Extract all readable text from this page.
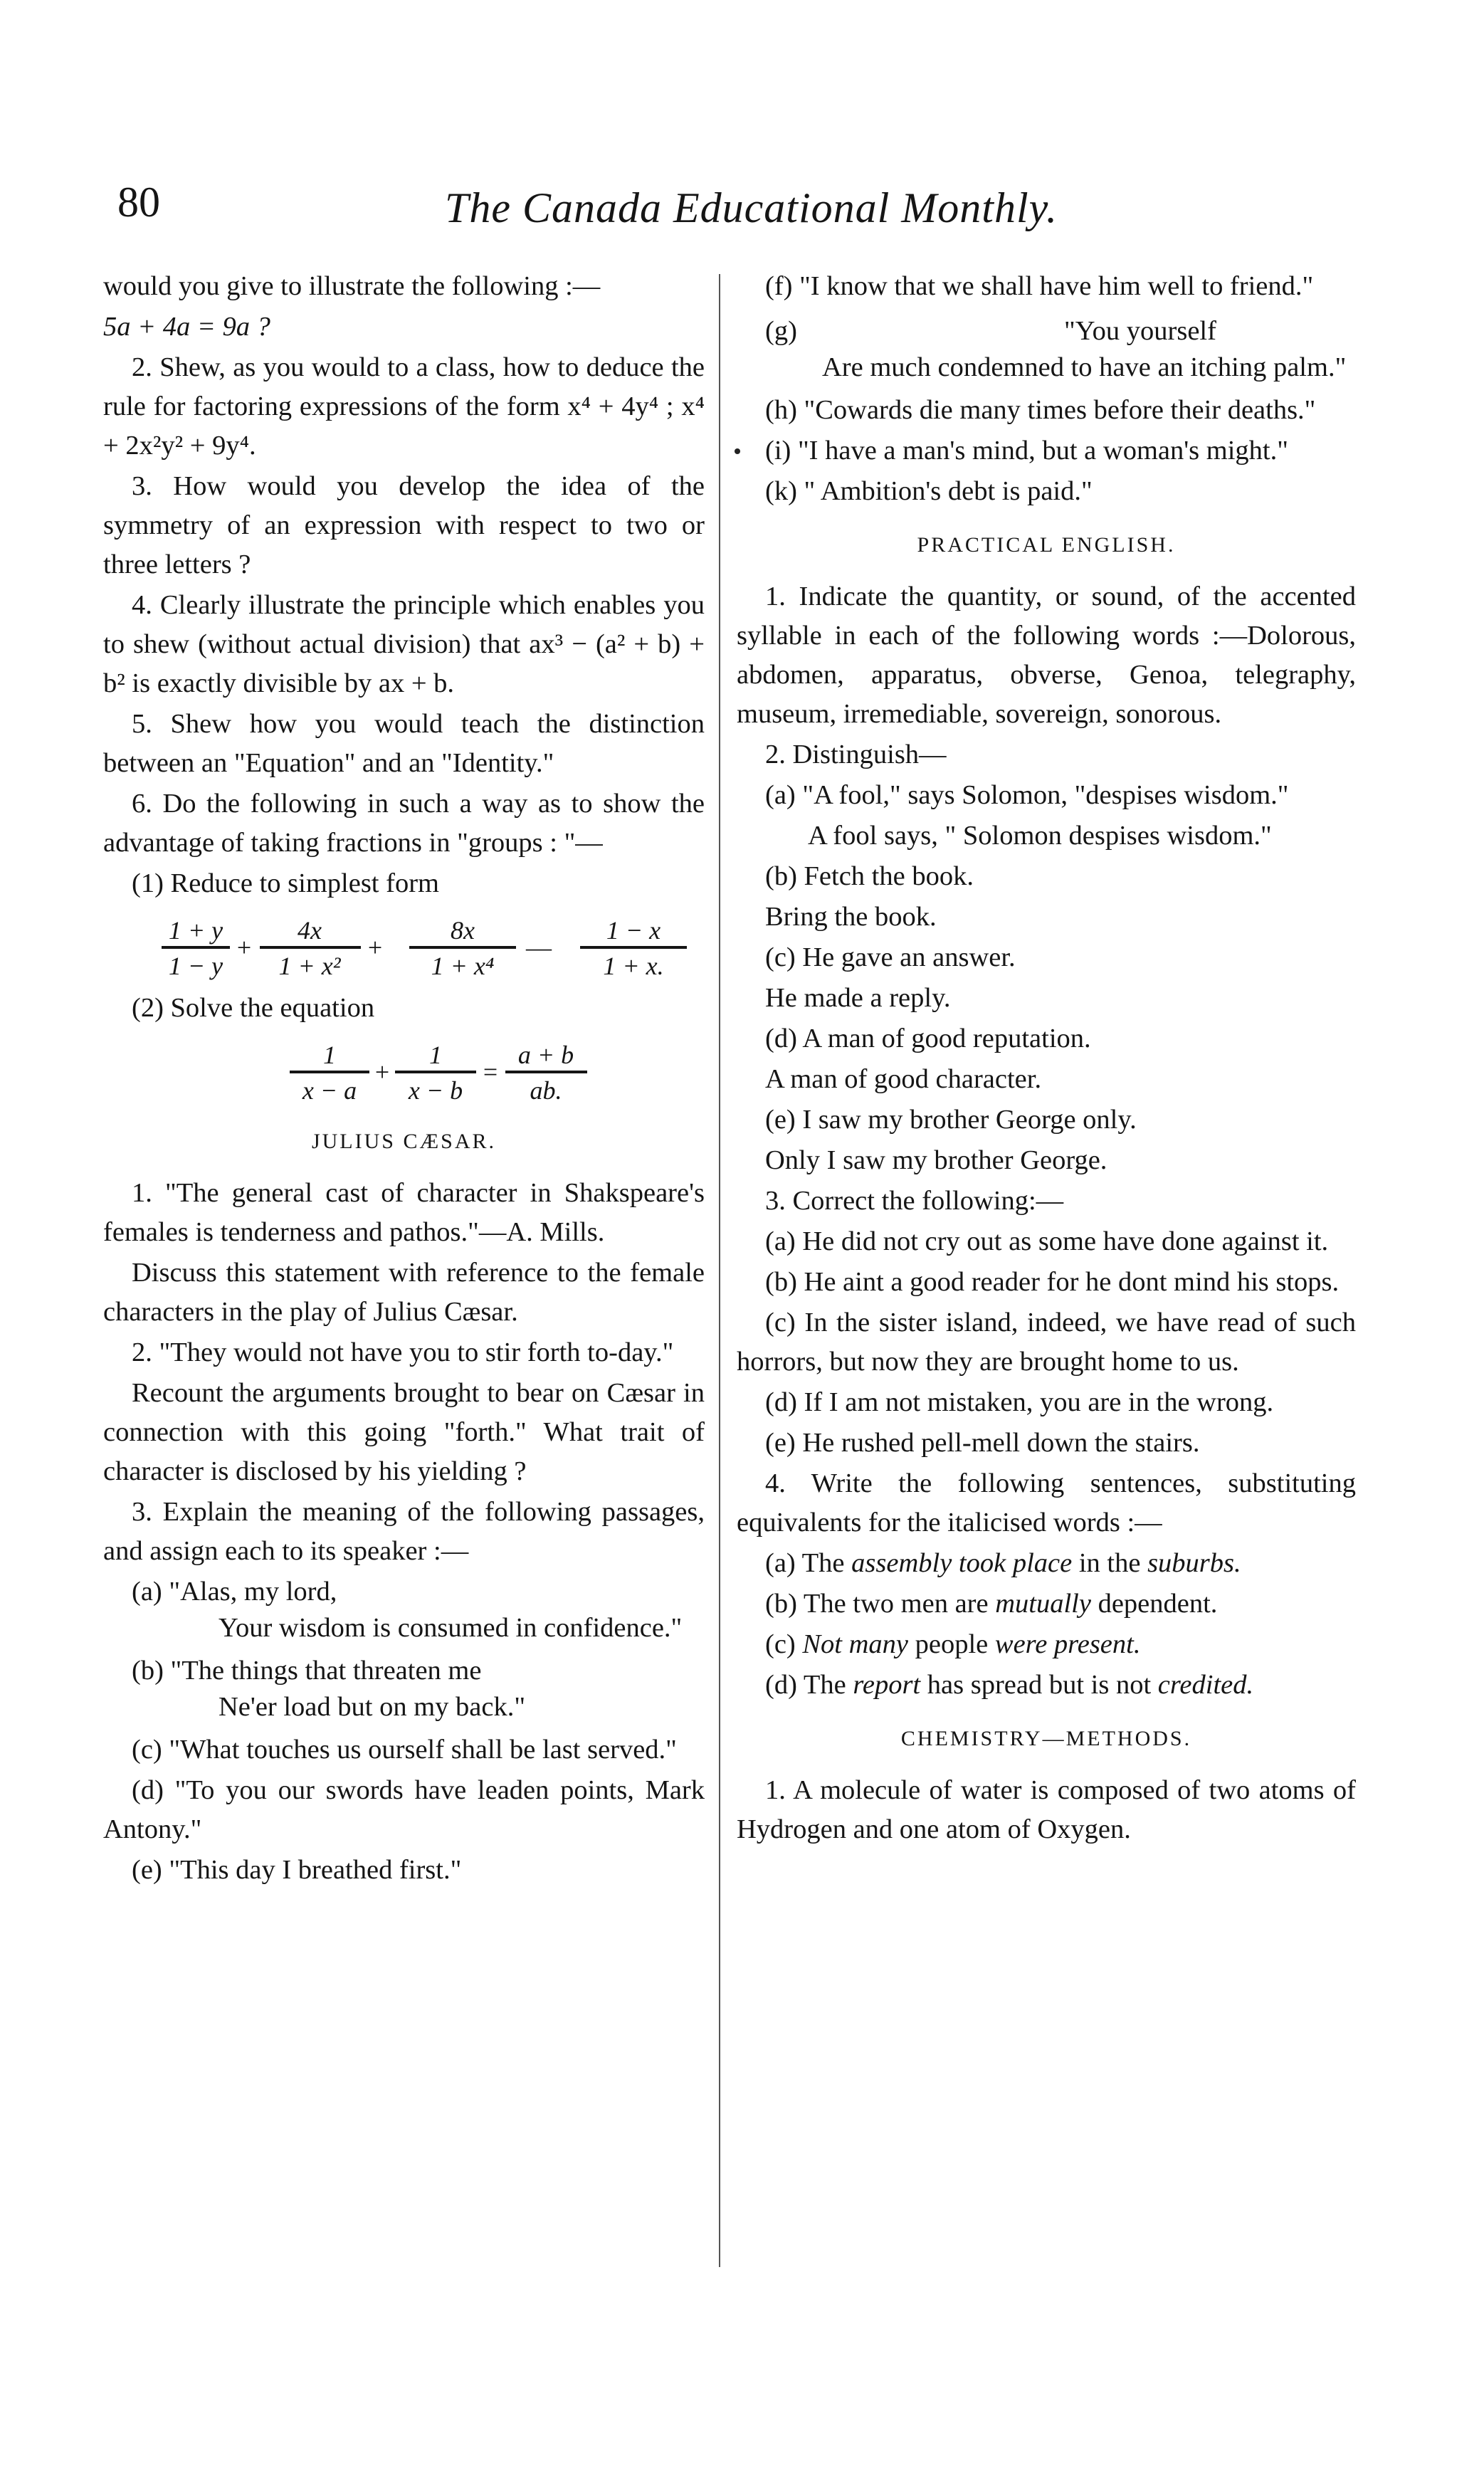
80	The Canada Educational Monthly.

would you give to illustrate the following :—

5a + 4a = 9a ?

2. Shew, as you would to a class, how to deduce the rule for factoring expressions of the form x⁴ + 4y⁴ ; x⁴ + 2x²y² + 9y⁴.

3. How would you develop the idea of the symmetry of an expression with respect to two or three letters ?

4. Clearly illustrate the principle which enables you to shew (without actual division) that ax³ − (a² + b) + b² is exactly divisible by ax + b.

5. Shew how you would teach the distinction between an "Equation" and an "Identity."

6. Do the following in such a way as to show the advantage of taking fractions in "groups : "—

(1) Reduce to simplest form

1 + y
1 − y
+
4x
1 + x²
+
8x
1 + x⁴
—
1 − x
1 + x.

(2) Solve the equation

1
x − a
+
1
x − b
=
a + b
ab.
JULIUS CÆSAR.

1. "The general cast of character in Shakspeare's females is tenderness and pathos."—A. Mills.

Discuss this statement with reference to the female characters in the play of Julius Cæsar.

2. "They would not have you to stir forth to-day."

Recount the arguments brought to bear on Cæsar in connection with this going "forth." What trait of character is disclosed by his yielding ?

3. Explain the meaning of the following passages, and assign each to its speaker :—

(a) "Alas, my lord,
Your wisdom is consumed in confidence."
(b) "The things that threaten me
Ne'er load but on my back."

(c) "What touches us ourself shall be last served."

(d) "To you our swords have leaden points, Mark Antony."

(e) "This day I breathed first."

(f) "I know that we shall have him well to friend."

(g)	"You yourself
Are much condemned to have an itching palm."

(h) "Cowards die many times before their deaths."

(i) "I have a man's mind, but a woman's might."

(k) " Ambition's debt is paid."

PRACTICAL ENGLISH.

1. Indicate the quantity, or sound, of the accented syllable in each of the following words :—Dolorous, abdomen, apparatus, obverse, Genoa, telegraphy, museum, irremediable, sovereign, sonorous.

2. Distinguish—

(a) "A fool," says Solomon, "despises wisdom."

A fool says, " Solomon despises wisdom."

(b) Fetch the book.

Bring the book.

(c) He gave an answer.

He made a reply.

(d) A man of good reputation.

A man of good character.

(e) I saw my brother George only.

Only I saw my brother George.

3. Correct the following:—

(a) He did not cry out as some have done against it.

(b) He aint a good reader for he dont mind his stops.

(c) In the sister island, indeed, we have read of such horrors, but now they are brought home to us.

(d) If I am not mistaken, you are in the wrong.

(e) He rushed pell-mell down the stairs.

4. Write the following sentences, substituting equivalents for the italicised words :—

(a) The assembly took place in the suburbs.

(b) The two men are mutually dependent.

(c) Not many people were present.

(d) The report has spread but is not credited.

CHEMISTRY—METHODS.

1. A molecule of water is composed of two atoms of Hydrogen and one atom of Oxygen.
